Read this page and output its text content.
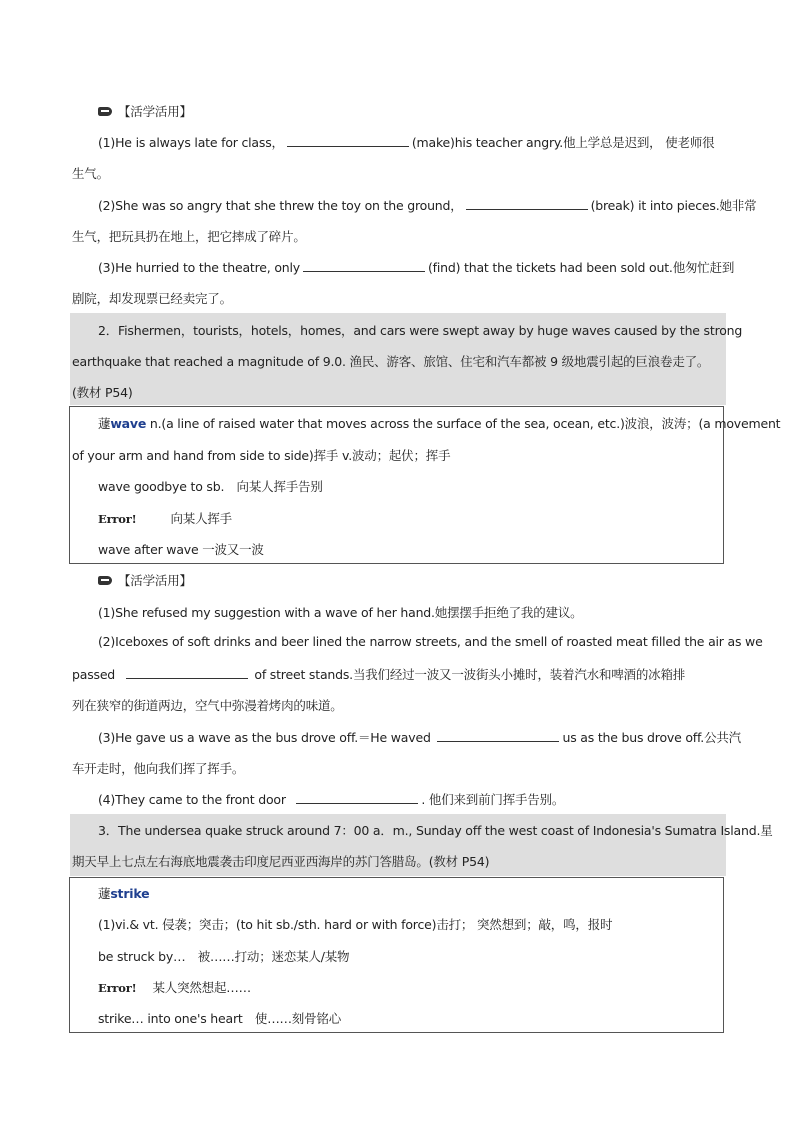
【活学活用】
(1)He is always late for class，	(make)his teacher angry.他上学总是迟到， 使老师很
生气。
(2)She was so angry that she threw the toy on the ground，	(break) it into pieces.她非常
生气，把玩具扔在地上，把它摔成了碎片。
(3)He hurried to the theatre, only	(find) that the tickets had been sold out.他匆忙赶到
剧院，却发现票已经卖完了。
2．Fishermen，tourists，hotels，homes，and cars were swept away by huge waves caused by the strong
earthquake that reached a magnitude of 9.0. 渔民、游客、旅馆、住宅和汽车都被 9 级地震引起的巨浪卷走了。
(教材 P54)
蘧wave n.(a line of raised water that moves across the surface of the sea, ocean, etc.)波浪，波涛；(a movement
of your arm and hand from side to side)挥手 v.波动；起伏；挥手
wave goodbye to sb.　向某人挥手告别
Error!	向某人挥手
wave after wave 一波又一波
【活学活用】
(1)She refused my suggestion with a wave of her hand.她摆摆手拒绝了我的建议。
(2)Iceboxes of soft drinks and beer lined the narrow streets, and the smell of roasted meat filled the air as we
passed	of street stands.当我们经过一波又一波街头小摊时，装着汽水和啤酒的冰箱排
列在狭窄的街道两边，空气中弥漫着烤肉的味道。
(3)He gave us a wave as the bus drove off.＝He waved	us as the bus drove off.公共汽
车开走时，他向我们挥了挥手。
(4)They came to the front door	. 他们来到前门挥手告别。
3．The undersea quake struck around 7：00 a．m., Sunday off the west coast of Indonesia's Sumatra Island.星
期天早上七点左右海底地震袭击印度尼西亚西海岸的苏门答腊岛。(教材 P54)
蘧strike
(1)vi.& vt. 侵袭；突击；(to hit sb./sth. hard or with force)击打； 突然想到；敲，鸣，报时
be struck by…　被……打动；迷恋某人/某物
Error! 某人突然想起……
strike… into one's heart　使……刻骨铭心
